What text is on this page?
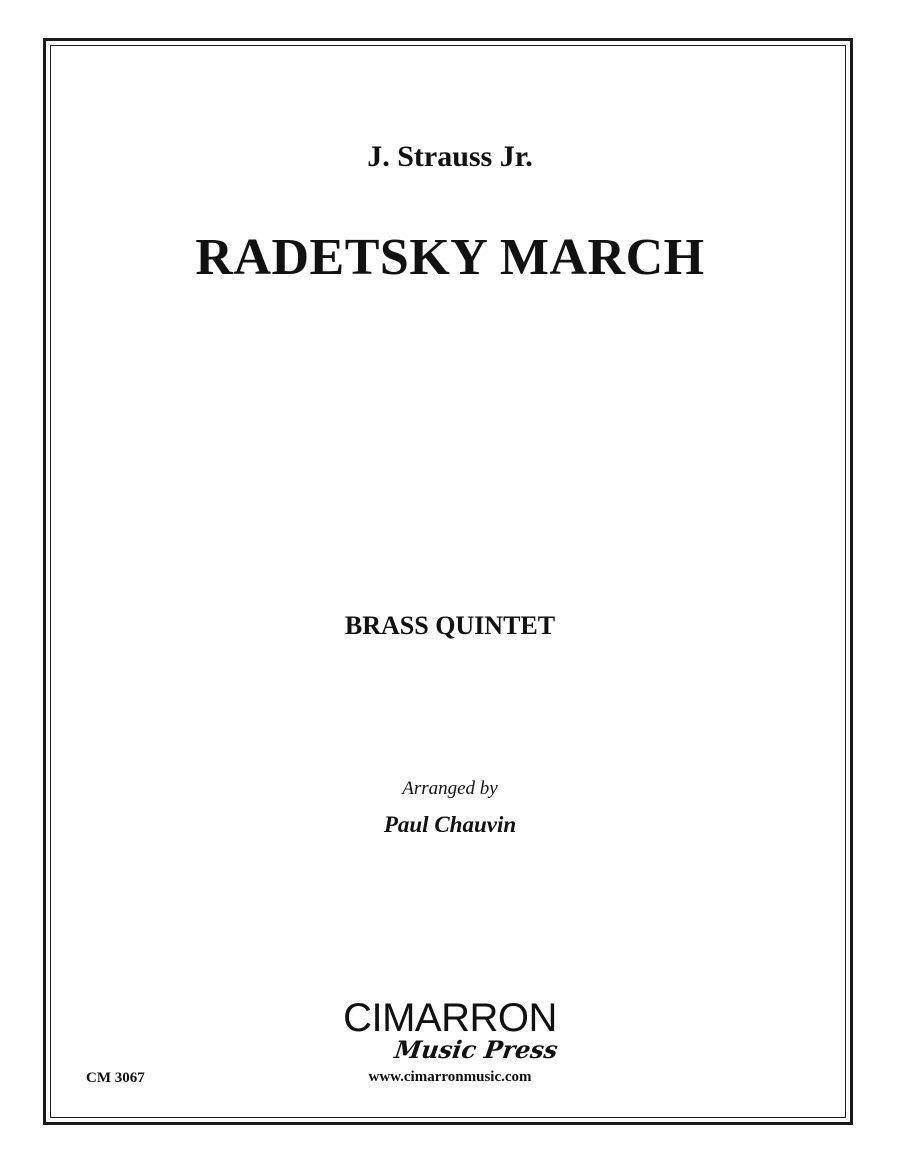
J. Strauss Jr.
RADETSKY MARCH
BRASS QUINTET
Arranged by
Paul Chauvin
CM 3067
CIMARRON
Music Press
www.cimarronmusic.com
